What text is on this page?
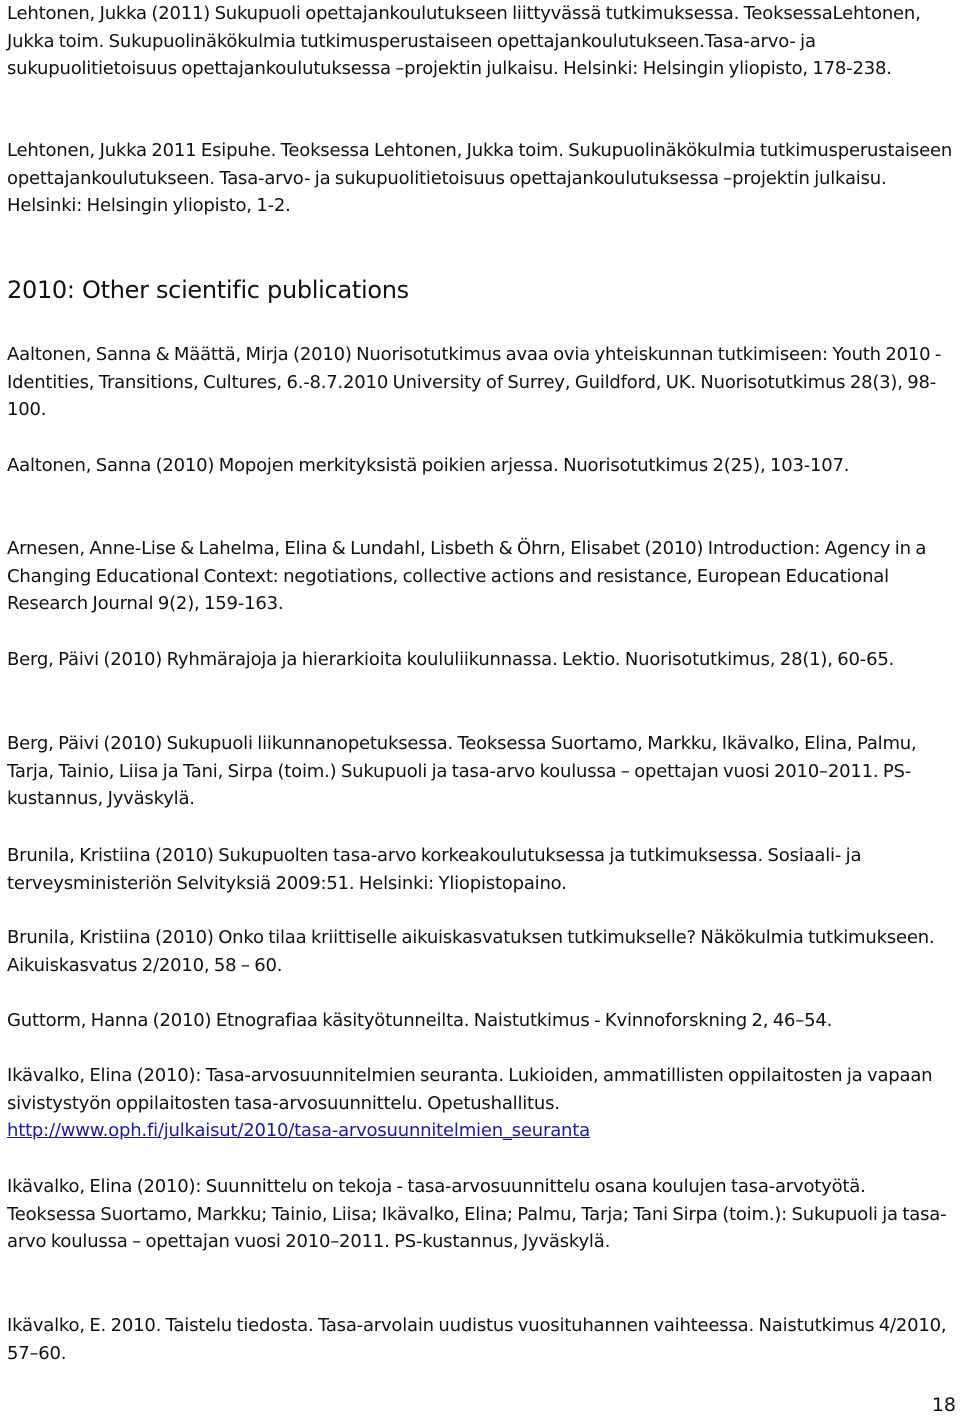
Lehtonen, Jukka (2011) Sukupuoli opettajankoulutukseen liittyvässä tutkimuksessa. TeoksessaLehtonen, Jukka toim. Sukupuolinäkökulmia tutkimusperustaiseen opettajankoulutukseen.Tasa-arvo- ja sukupuolitietoisuus opettajankoulutuksessa –projektin julkaisu. Helsinki: Helsingin yliopisto, 178-238.

Lehtonen, Jukka 2011 Esipuhe. Teoksessa Lehtonen, Jukka toim. Sukupuolinäkökulmia tutkimusperustaiseen opettajankoulutukseen. Tasa-arvo- ja sukupuolitietoisuus opettajankoulutuksessa –projektin julkaisu. Helsinki: Helsingin yliopisto, 1-2.

2010: Other scientific publications

Aaltonen, Sanna & Määttä, Mirja (2010) Nuorisotutkimus avaa ovia yhteiskunnan tutkimiseen: Youth 2010 - Identities, Transitions, Cultures, 6.-8.7.2010 University of Surrey, Guildford, UK. Nuorisotutkimus 28(3), 98-100.

Aaltonen, Sanna (2010) Mopojen merkityksistä poikien arjessa. Nuorisotutkimus 2(25), 103-107.

Arnesen, Anne-Lise & Lahelma, Elina & Lundahl, Lisbeth & Öhrn, Elisabet (2010) Introduction: Agency in a Changing Educational Context: negotiations, collective actions and resistance, European Educational Research Journal 9(2), 159-163.

Berg, Päivi (2010) Ryhmärajoja ja hierarkioita koululiikunnassa. Lektio. Nuorisotutkimus, 28(1), 60-65.

Berg, Päivi (2010) Sukupuoli liikunnanopetuksessa. Teoksessa Suortamo, Markku, Ikävalko, Elina, Palmu, Tarja, Tainio, Liisa ja Tani, Sirpa (toim.) Sukupuoli ja tasa-arvo koulussa – opettajan vuosi 2010–2011. PS-kustannus, Jyväskylä.

Brunila, Kristiina (2010) Sukupuolten tasa-arvo korkeakoulutuksessa ja tutkimuksessa. Sosiaali- ja terveysministeriön Selvityksiä 2009:51. Helsinki: Yliopistopaino.

Brunila, Kristiina (2010) Onko tilaa kriittiselle aikuiskasvatuksen tutkimukselle? Näkökulmia tutkimukseen. Aikuiskasvatus 2/2010, 58 – 60.

Guttorm, Hanna (2010) Etnografiaa käsityötunneilta. Naistutkimus - Kvinnoforskning 2, 46–54.

Ikävalko, Elina (2010): Tasa-arvosuunnitelmien seuranta. Lukioiden, ammatillisten oppilaitosten ja vapaan sivistystyön oppilaitosten tasa-arvosuunnittelu. Opetushallitus.
http://www.oph.fi/julkaisut/2010/tasa-arvosuunnitelmien_seuranta

Ikävalko, Elina (2010): Suunnittelu on tekoja - tasa-arvosuunnittelu osana koulujen tasa-arvotyötä. Teoksessa Suortamo, Markku; Tainio, Liisa; Ikävalko, Elina; Palmu, Tarja; Tani Sirpa (toim.): Sukupuoli ja tasa-arvo koulussa – opettajan vuosi 2010–2011. PS-kustannus, Jyväskylä.

Ikävalko, E. 2010. Taistelu tiedosta. Tasa-arvolain uudistus vuosituhannen vaihteessa. Naistutkimus 4/2010, 57–60.

18
